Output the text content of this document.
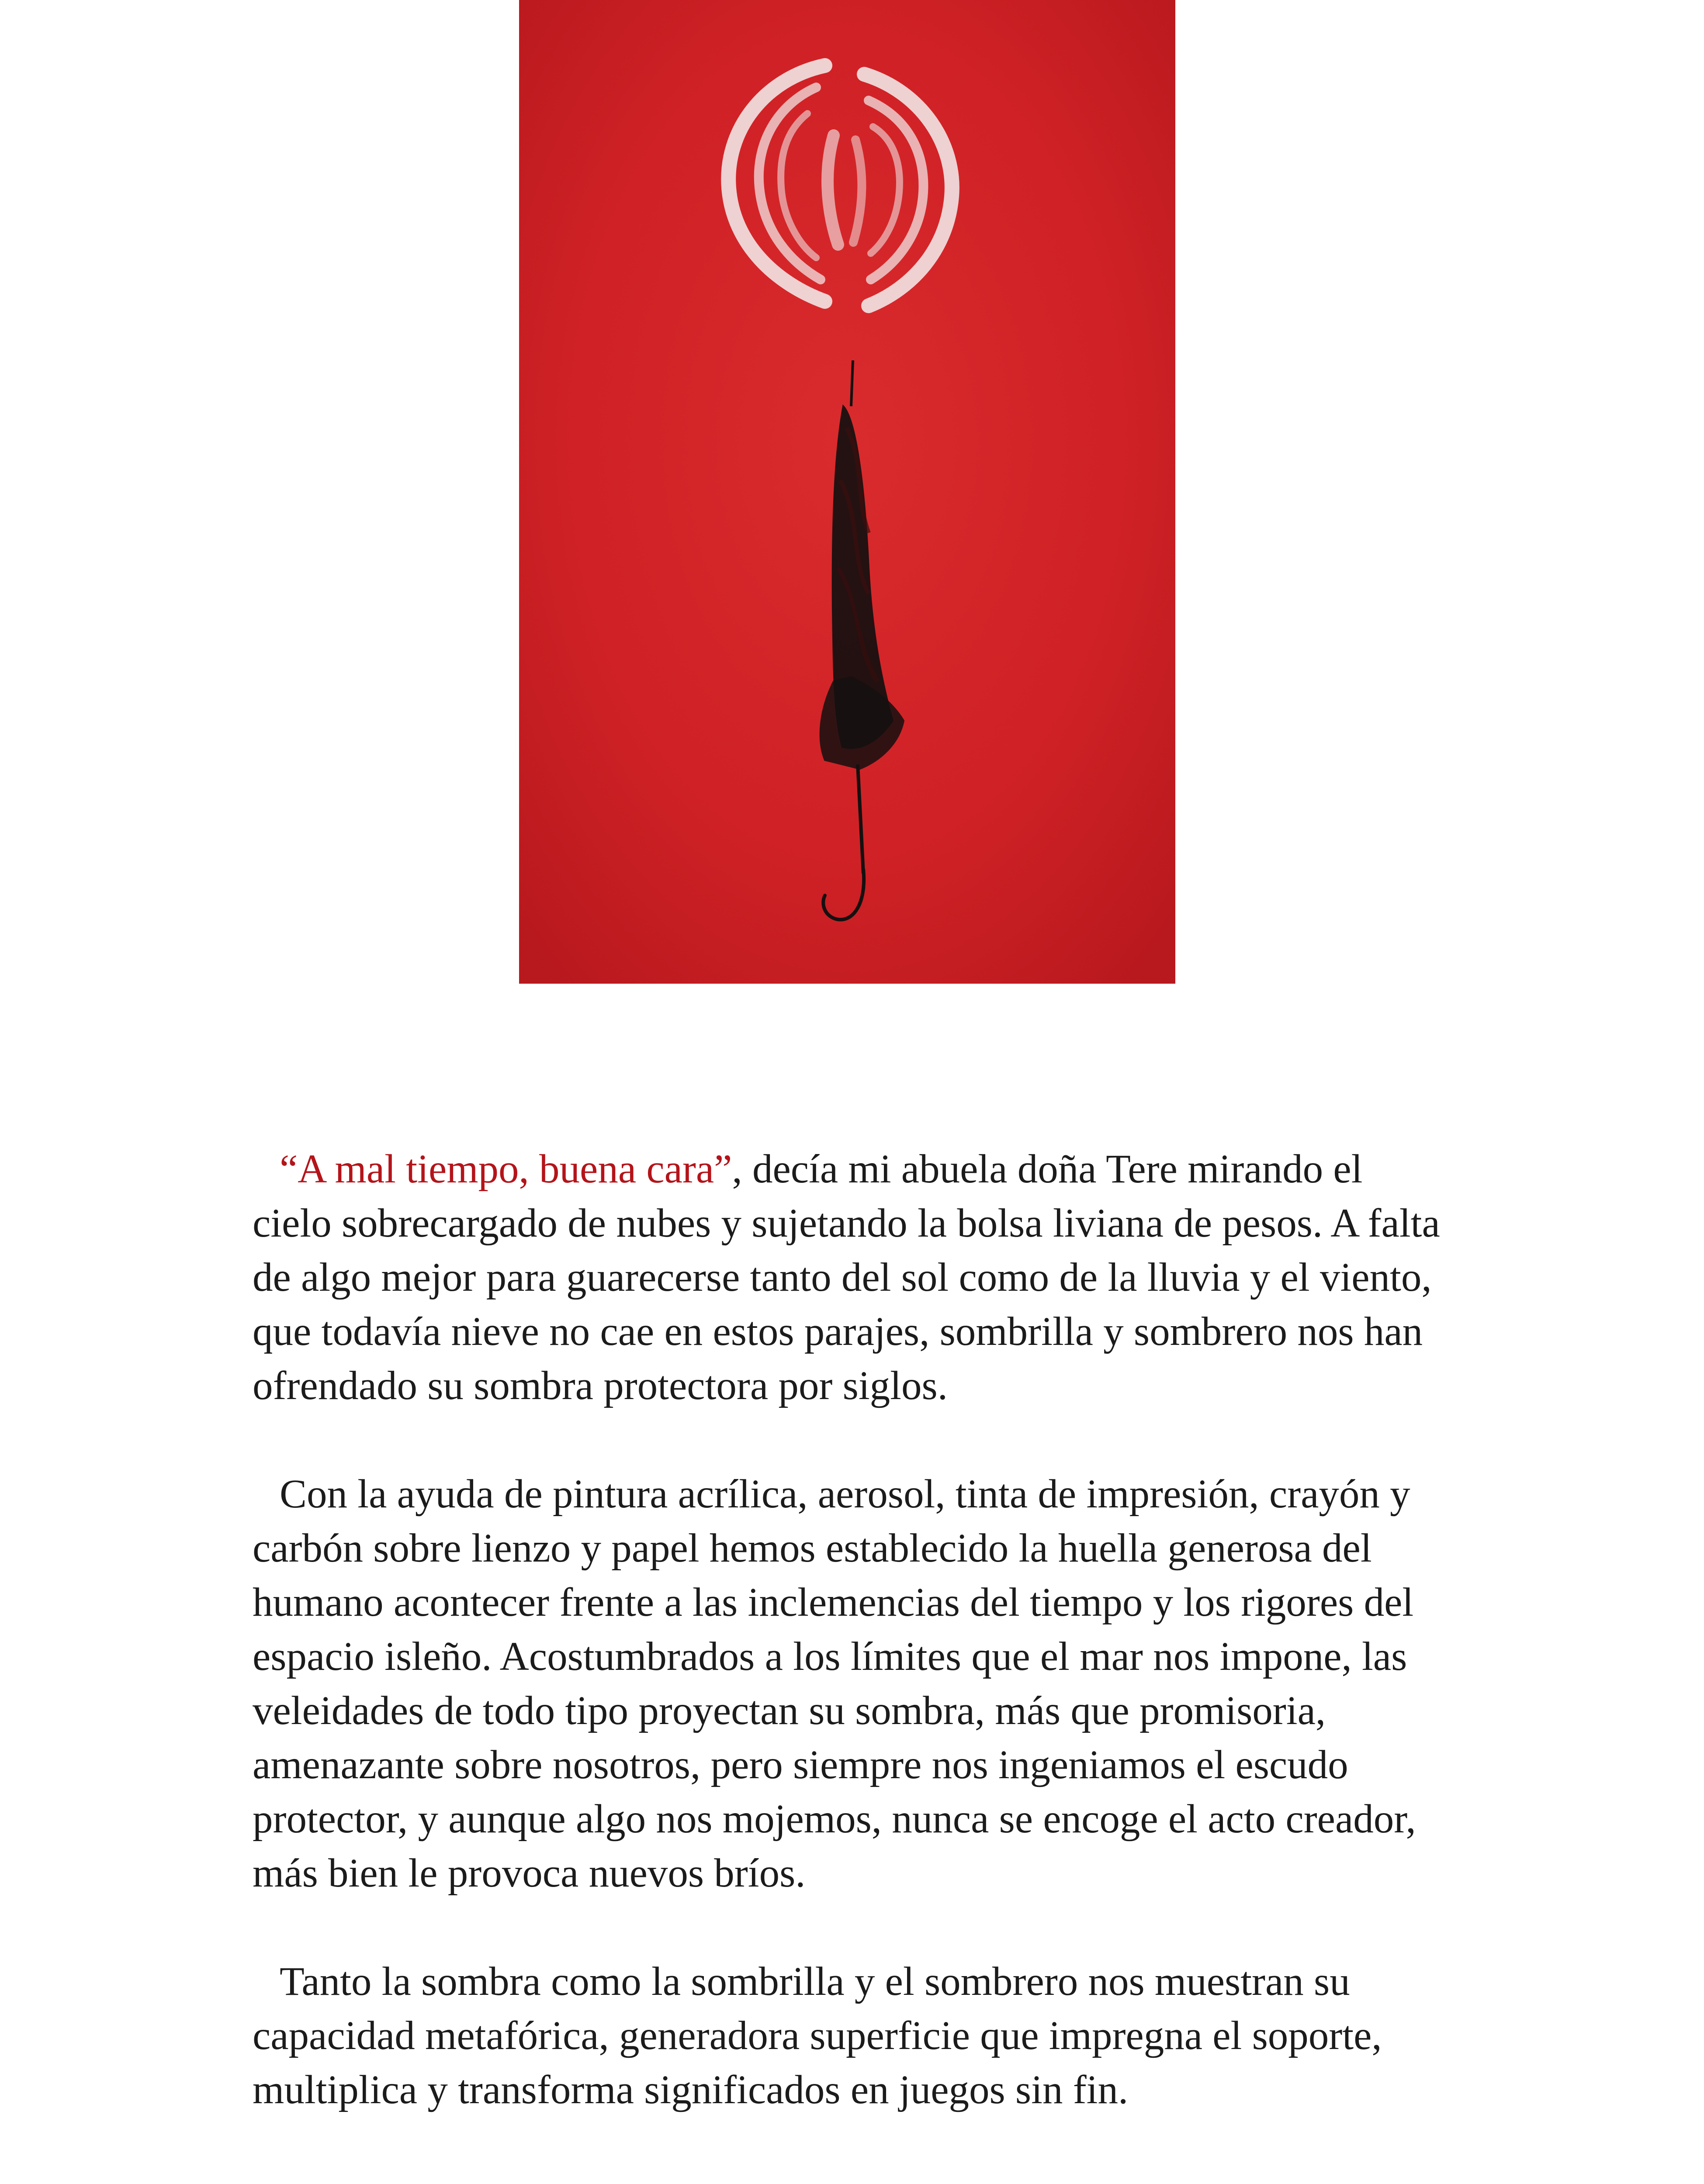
“A mal tiempo, buena cara”, decía mi abuela doña Tere mirando el cielo sobrecargado de nubes y sujetando la bolsa liviana de pesos. A falta de algo mejor para guarecerse tanto del sol como de la lluvia y el viento, que todavía nieve no cae en estos parajes, sombrilla y sombrero nos han ofrendado su sombra protectora por siglos.

Con la ayuda de pintura acrílica, aerosol, tinta de impresión, crayón y carbón sobre lienzo y papel hemos establecido la huella generosa del humano acontecer frente a las inclemencias del tiempo y los rigores del espacio isleño. Acostumbrados a los límites que el mar nos impone, las veleidades de todo tipo proyectan su sombra, más que promisoria, amenazante sobre nosotros, pero siempre nos ingeniamos el escudo protector, y aunque algo nos mojemos, nunca se encoge el acto creador, más bien le provoca nuevos bríos.

Tanto la sombra como la sombrilla y el sombrero nos muestran su capacidad metafórica, generadora superficie que impregna el soporte, multiplica y transforma significados en juegos sin fin.
